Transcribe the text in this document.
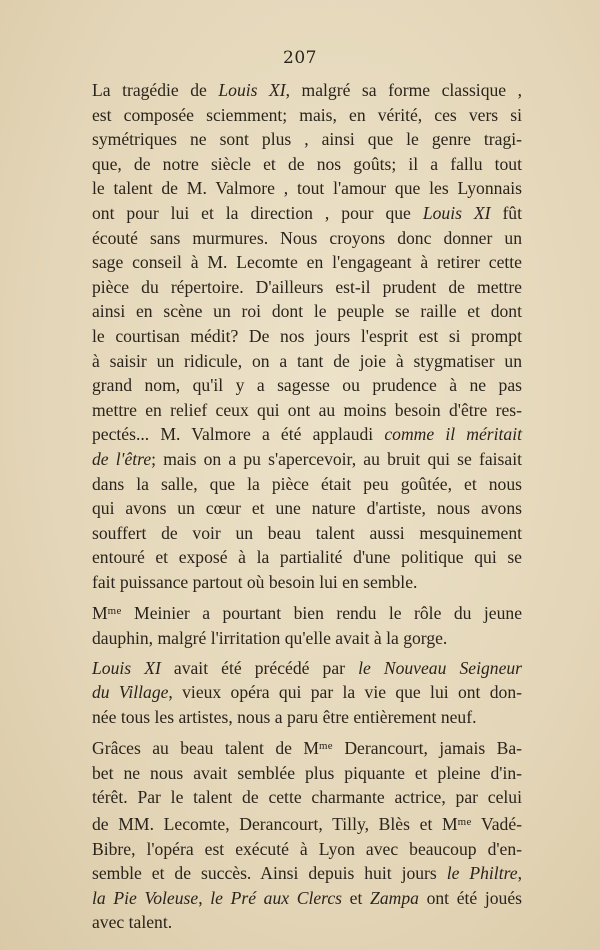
207
La tragédie de Louis XI, malgré sa forme classique ,
est composée sciemment; mais, en vérité, ces vers si
symétriques ne sont plus , ainsi que le genre tragi-
que, de notre siècle et de nos goûts; il a fallu tout
le talent de M. Valmore , tout l'amour que les Lyonnais
ont pour lui et la direction , pour que Louis XI fût
écouté sans murmures. Nous croyons donc donner un
sage conseil à M. Lecomte en l'engageant à retirer cette
pièce du répertoire. D'ailleurs est-il prudent de mettre
ainsi en scène un roi dont le peuple se raille et dont
le courtisan médit? De nos jours l'esprit est si prompt
à saisir un ridicule, on a tant de joie à stygmatiser un
grand nom, qu'il y a sagesse ou prudence à ne pas
mettre en relief ceux qui ont au moins besoin d'être res-
pectés... M. Valmore a été applaudi comme il méritait
de l'être; mais on a pu s'apercevoir, au bruit qui se faisait
dans la salle, que la pièce était peu goûtée, et nous
qui avons un cœur et une nature d'artiste, nous avons
souffert de voir un beau talent aussi mesquinement
entouré et exposé à la partialité d'une politique qui se
fait puissance partout où besoin lui en semble.
$M^{me}$ Meinier a pourtant bien rendu le rôle du jeune
dauphin, malgré l'irritation qu'elle avait à la gorge.
Louis XI avait été précédé par le Nouveau Seigneur
du Village, vieux opéra qui par la vie que lui ont don-
née tous les artistes, nous a paru être entièrement neuf.
Grâces au beau talent de $M^{me}$ Derancourt, jamais Ba-
bet ne nous avait semblée plus piquante et pleine d'in-
térêt. Par le talent de cette charmante actrice, par celui
de MM. Lecomte, Derancourt, Tilly, Blès et $M^{me}$ Vadé-
Bibre, l'opéra est exécuté à Lyon avec beaucoup d'en-
semble et de succès. Ainsi depuis huit jours le Philtre,
la Pie Voleuse, le Pré aux Clercs et Zampa ont été joués
avec talent.
